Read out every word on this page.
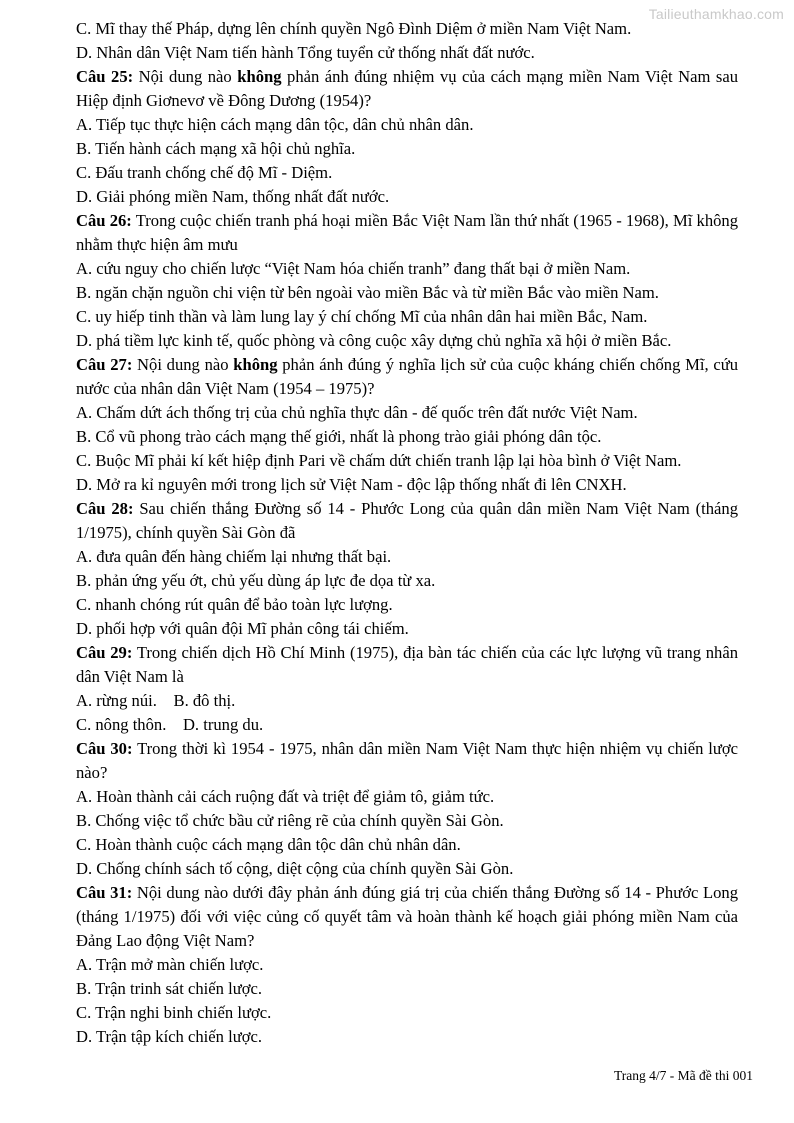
Tailieuthamkhao.com

C. Mĩ thay thế Pháp, dựng lên chính quyền Ngô Đình Diệm ở miền Nam Việt Nam.

D. Nhân dân Việt Nam tiến hành Tổng tuyển cử thống nhất đất nước.

Câu 25: Nội dung nào không phản ánh đúng nhiệm vụ của cách mạng miền Nam Việt Nam sau Hiệp định Giơnevơ về Đông Dương (1954)?

A. Tiếp tục thực hiện cách mạng dân tộc, dân chủ nhân dân.

B. Tiến hành cách mạng xã hội chủ nghĩa.

C. Đấu tranh chống chế độ Mĩ - Diệm.

D. Giải phóng miền Nam, thống nhất đất nước.

Câu 26: Trong cuộc chiến tranh phá hoại miền Bắc Việt Nam lần thứ nhất (1965 - 1968), Mĩ không nhằm thực hiện âm mưu

A. cứu nguy cho chiến lược “Việt Nam hóa chiến tranh” đang thất bại ở miền Nam.

B. ngăn chặn nguồn chi viện từ bên ngoài vào miền Bắc và từ miền Bắc vào miền Nam.

C. uy hiếp tinh thần và làm lung lay ý chí chống Mĩ của nhân dân hai miền Bắc, Nam.

D. phá tiềm lực kinh tế, quốc phòng và công cuộc xây dựng chủ nghĩa xã hội ở miền Bắc.

Câu 27: Nội dung nào không phản ánh đúng ý nghĩa lịch sử của cuộc kháng chiến chống Mĩ, cứu nước của nhân dân Việt Nam (1954 – 1975)?

A. Chấm dứt ách thống trị của chủ nghĩa thực dân - đế quốc trên đất nước Việt Nam.

B. Cổ vũ phong trào cách mạng thế giới, nhất là phong trào giải phóng dân tộc.

C. Buộc Mĩ phải kí kết hiệp định Pari về chấm dứt chiến tranh lập lại hòa bình ở Việt Nam.

D. Mở ra kỉ nguyên mới trong lịch sử Việt Nam - độc lập thống nhất đi lên CNXH.

Câu 28: Sau chiến thắng Đường số 14 - Phước Long của quân dân miền Nam Việt Nam (tháng 1/1975), chính quyền Sài Gòn đã

A. đưa quân đến hàng chiếm lại nhưng thất bại.

B. phản ứng yếu ớt, chủ yếu dùng áp lực đe dọa từ xa.

C. nhanh chóng rút quân để bảo toàn lực lượng.

D. phối hợp với quân đội Mĩ phản công tái chiếm.

Câu 29: Trong chiến dịch Hồ Chí Minh (1975), địa bàn tác chiến của các lực lượng vũ trang nhân dân Việt Nam là

A. rừng núi. B. đô thị.

C. nông thôn. D. trung du.

Câu 30: Trong thời kì 1954 - 1975, nhân dân miền Nam Việt Nam thực hiện nhiệm vụ chiến lược nào?

A. Hoàn thành cải cách ruộng đất và triệt để giảm tô, giảm tức.

B. Chống việc tổ chức bầu cử riêng rẽ của chính quyền Sài Gòn.

C. Hoàn thành cuộc cách mạng dân tộc dân chủ nhân dân.

D. Chống chính sách tố cộng, diệt cộng của chính quyền Sài Gòn.

Câu 31: Nội dung nào dưới đây phản ánh đúng giá trị của chiến thắng Đường số 14 - Phước Long (tháng 1/1975) đối với việc củng cố quyết tâm và hoàn thành kế hoạch giải phóng miền Nam của Đảng Lao động Việt Nam?

A. Trận mở màn chiến lược.

B. Trận trinh sát chiến lược.

C. Trận nghi binh chiến lược.

D. Trận tập kích chiến lược.

Trang 4/7 - Mã đề thi 001
